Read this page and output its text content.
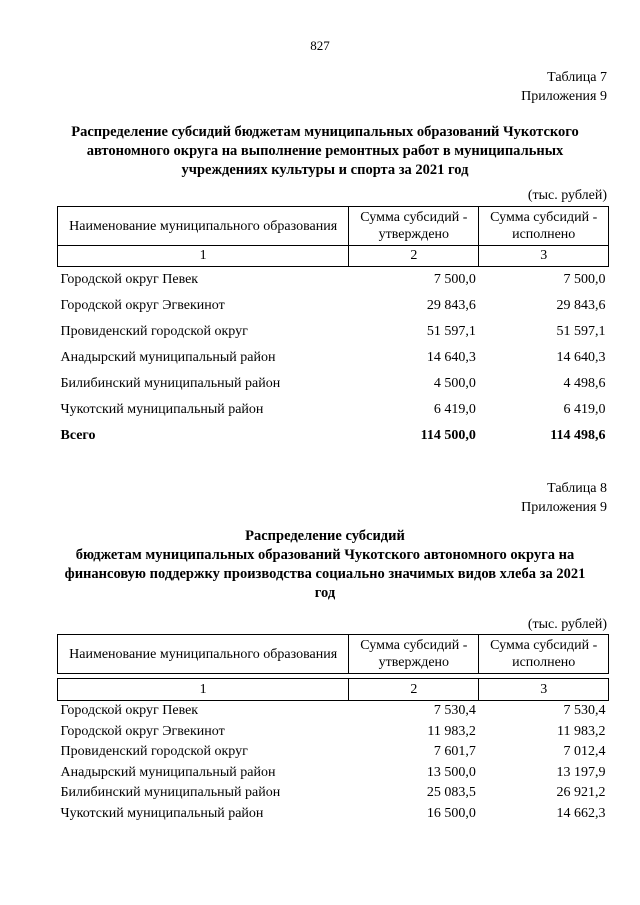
827
Таблица 7
Приложения 9
Распределение субсидий бюджетам муниципальных образований Чукотского
автономного округа на выполнение ремонтных работ в муниципальных
учреждениях культуры и спорта за 2021 год
(тыс. рублей)
Наименование муниципального образования	Сумма субсидий - утверждено	Сумма субсидий - исполнено
1	2	3
Городской округ Певек	7 500,0	7 500,0
Городской округ Эгвекинот	29 843,6	29 843,6
Провиденский городской округ	51 597,1	51 597,1
Анадырский муниципальный район	14 640,3	14 640,3
Билибинский муниципальный район	4 500,0	4 498,6
Чукотский муниципальный район	6 419,0	6 419,0
Всего	114 500,0	114 498,6
Таблица 8
Приложения 9
Распределение субсидий
бюджетам муниципальных образований Чукотского автономного округа на
финансовую поддержку производства социально значимых видов хлеба за 2021
год
(тыс. рублей)
Наименование муниципального образования	Сумма субсидий - утверждено	Сумма субсидий - исполнено

1	2	3
Городской округ Певек	7 530,4	7 530,4
Городской округ Эгвекинот	11 983,2	11 983,2
Провиденский городской округ	7 601,7	7 012,4
Анадырский муниципальный район	13 500,0	13 197,9
Билибинский муниципальный район	25 083,5	26 921,2
Чукотский муниципальный район	16 500,0	14 662,3
